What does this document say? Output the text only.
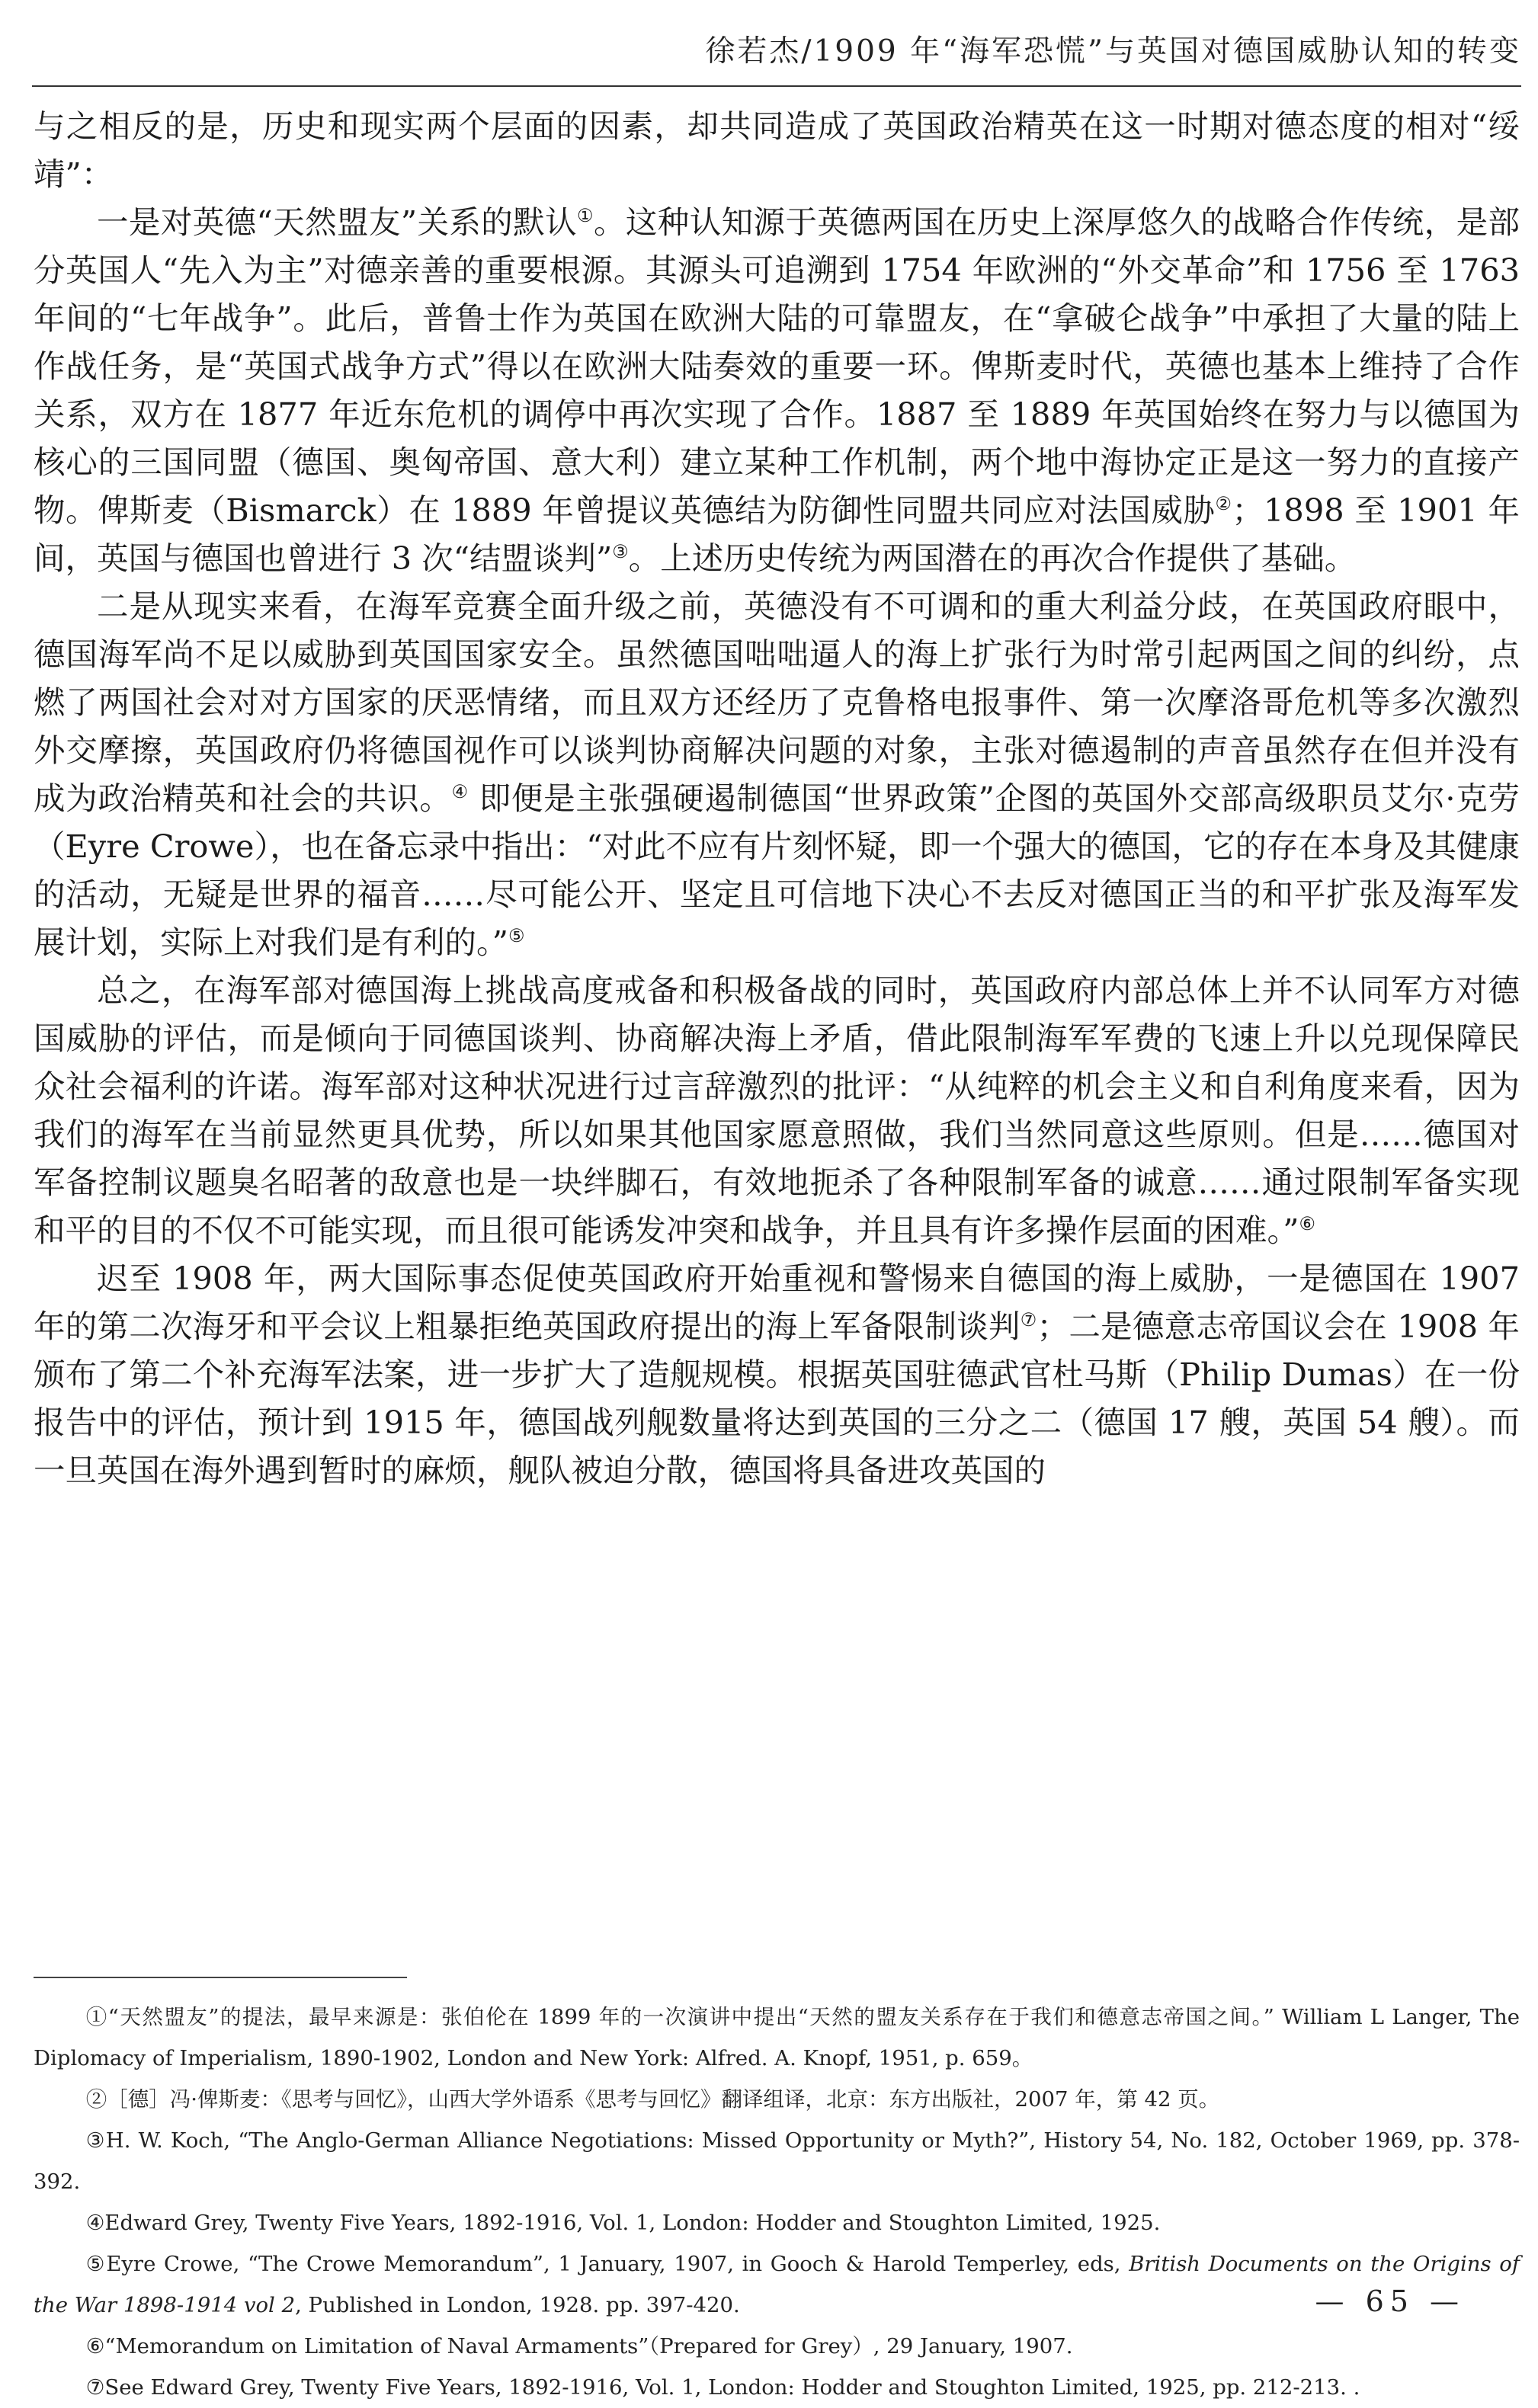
徐若杰/1909 年“海军恐慌”与英国对德国威胁认知的转变

与之相反的是，历史和现实两个层面的因素，却共同造成了英国政治精英在这一时期对德态度的相对“绥靖”：

一是对英德“天然盟友”关系的默认①。这种认知源于英德两国在历史上深厚悠久的战略合作传统，是部分英国人“先入为主”对德亲善的重要根源。其源头可追溯到 1754 年欧洲的“外交革命”和 1756 至 1763 年间的“七年战争”。此后，普鲁士作为英国在欧洲大陆的可靠盟友，在“拿破仑战争”中承担了大量的陆上作战任务，是“英国式战争方式”得以在欧洲大陆奏效的重要一环。俾斯麦时代，英德也基本上维持了合作关系，双方在 1877 年近东危机的调停中再次实现了合作。1887 至 1889 年英国始终在努力与以德国为核心的三国同盟（德国、奥匈帝国、意大利）建立某种工作机制，两个地中海协定正是这一努力的直接产物。俾斯麦（Bismarck）在 1889 年曾提议英德结为防御性同盟共同应对法国威胁②；1898 至 1901 年间，英国与德国也曾进行 3 次“结盟谈判”③。上述历史传统为两国潜在的再次合作提供了基础。

二是从现实来看，在海军竞赛全面升级之前，英德没有不可调和的重大利益分歧，在英国政府眼中，德国海军尚不足以威胁到英国国家安全。虽然德国咄咄逼人的海上扩张行为时常引起两国之间的纠纷，点燃了两国社会对对方国家的厌恶情绪，而且双方还经历了克鲁格电报事件、第一次摩洛哥危机等多次激烈外交摩擦，英国政府仍将德国视作可以谈判协商解决问题的对象，主张对德遏制的声音虽然存在但并没有成为政治精英和社会的共识。④ 即便是主张强硬遏制德国“世界政策”企图的英国外交部高级职员艾尔·克劳（Eyre Crowe），也在备忘录中指出：“对此不应有片刻怀疑，即一个强大的德国，它的存在本身及其健康的活动，无疑是世界的福音……尽可能公开、坚定且可信地下决心不去反对德国正当的和平扩张及海军发展计划，实际上对我们是有利的。”⑤

总之，在海军部对德国海上挑战高度戒备和积极备战的同时，英国政府内部总体上并不认同军方对德国威胁的评估，而是倾向于同德国谈判、协商解决海上矛盾，借此限制海军军费的飞速上升以兑现保障民众社会福利的许诺。海军部对这种状况进行过言辞激烈的批评：“从纯粹的机会主义和自利角度来看，因为我们的海军在当前显然更具优势，所以如果其他国家愿意照做，我们当然同意这些原则。但是……德国对军备控制议题臭名昭著的敌意也是一块绊脚石，有效地扼杀了各种限制军备的诚意……通过限制军备实现和平的目的不仅不可能实现，而且很可能诱发冲突和战争，并且具有许多操作层面的困难。”⑥

迟至 1908 年，两大国际事态促使英国政府开始重视和警惕来自德国的海上威胁，一是德国在 1907 年的第二次海牙和平会议上粗暴拒绝英国政府提出的海上军备限制谈判⑦；二是德意志帝国议会在 1908 年颁布了第二个补充海军法案，进一步扩大了造舰规模。根据英国驻德武官杜马斯（Philip Dumas）在一份报告中的评估，预计到 1915 年，德国战列舰数量将达到英国的三分之二（德国 17 艘，英国 54 艘）。而一旦英国在海外遇到暂时的麻烦，舰队被迫分散，德国将具备进攻英国的

①“天然盟友”的提法，最早来源是：张伯伦在 1899 年的一次演讲中提出“天然的盟友关系存在于我们和德意志帝国之间。” William L Langer, The Diplomacy of Imperialism, 1890-1902, London and New York: Alfred. A. Knopf, 1951, p. 659。

②［德］冯·俾斯麦：《思考与回忆》，山西大学外语系《思考与回忆》翻译组译，北京：东方出版社，2007 年，第 42 页。

③H. W. Koch, “The Anglo-German Alliance Negotiations: Missed Opportunity or Myth?”, History 54, No. 182, October 1969, pp. 378-392.

④Edward Grey, Twenty Five Years, 1892-1916, Vol. 1, London: Hodder and Stoughton Limited, 1925.

⑤Eyre Crowe, “The Crowe Memorandum”, 1 January, 1907, in Gooch & Harold Temperley, eds, British Documents on the Origins of the War 1898-1914 vol 2, Published in London, 1928. pp. 397-420.

⑥“Memorandum on Limitation of Naval Armaments”（Prepared for Grey）, 29 January, 1907.

⑦See Edward Grey, Twenty Five Years, 1892-1916, Vol. 1, London: Hodder and Stoughton Limited, 1925, pp. 212-213. .

— 65 —
